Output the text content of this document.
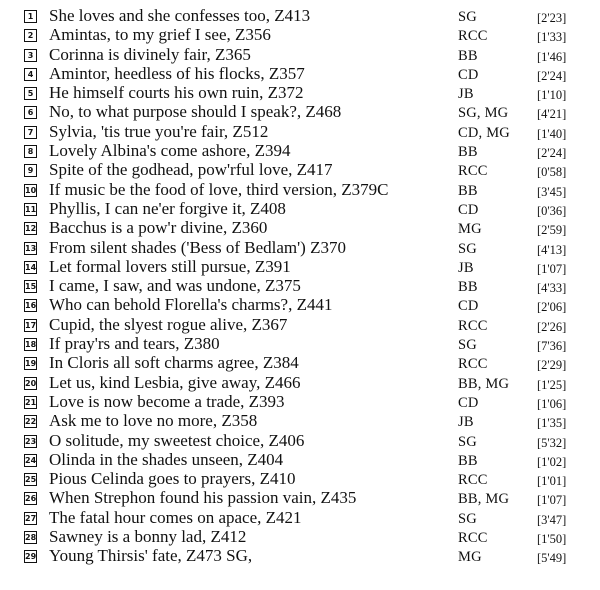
1 She loves and she confesses too, Z413	SG	[2'23]
2 Amintas, to my grief I see, Z356	RCC	[1'33]
3 Corinna is divinely fair, Z365	BB	[1'46]
4 Amintor, heedless of his flocks, Z357	CD	[2'24]
5 He himself courts his own ruin, Z372	JB	[1'10]
6 No, to what purpose should I speak?, Z468	SG, MG [4'21]
7 Sylvia, 'tis true you're fair, Z512	CD, MG [1'40]
8 Lovely Albina's come ashore, Z394	BB	[2'24]
9 Spite of the godhead, pow'rful love, Z417	RCC	[0'58]
10 If music be the food of love, third version, Z379C	BB	[3'45]
11 Phyllis, I can ne'er forgive it, Z408	CD	[0'36]
12 Bacchus is a pow'r divine, Z360	MG	[2'59]
13 From silent shades ('Bess of Bedlam') Z370	SG	[4'13]
14 Let formal lovers still pursue, Z391	JB	[1'07]
15 I came, I saw, and was undone, Z375	BB	[4'33]
16 Who can behold Florella's charms?, Z441	CD	[2'06]
17 Cupid, the slyest rogue alive, Z367	RCC	[2'26]
18 If pray'rs and tears, Z380	SG	[7'36]
19 In Cloris all soft charms agree, Z384	RCC	[2'29]
20 Let us, kind Lesbia, give away, Z466	BB, MG [1'25]
21 Love is now become a trade, Z393	CD	[1'06]
22 Ask me to love no more, Z358	JB	[1'35]
23 O solitude, my sweetest choice, Z406	SG	[5'32]
24 Olinda in the shades unseen, Z404	BB	[1'02]
25 Pious Celinda goes to prayers, Z410	RCC	[1'01]
26 When Strephon found his passion vain, Z435	BB, MG [1'07]
27 The fatal hour comes on apace, Z421	SG	[3'47]
28 Sawney is a bonny lad, Z412	RCC	[1'50]
29 Young Thirsis' fate, Z473 SG,	MG	[5'49]
